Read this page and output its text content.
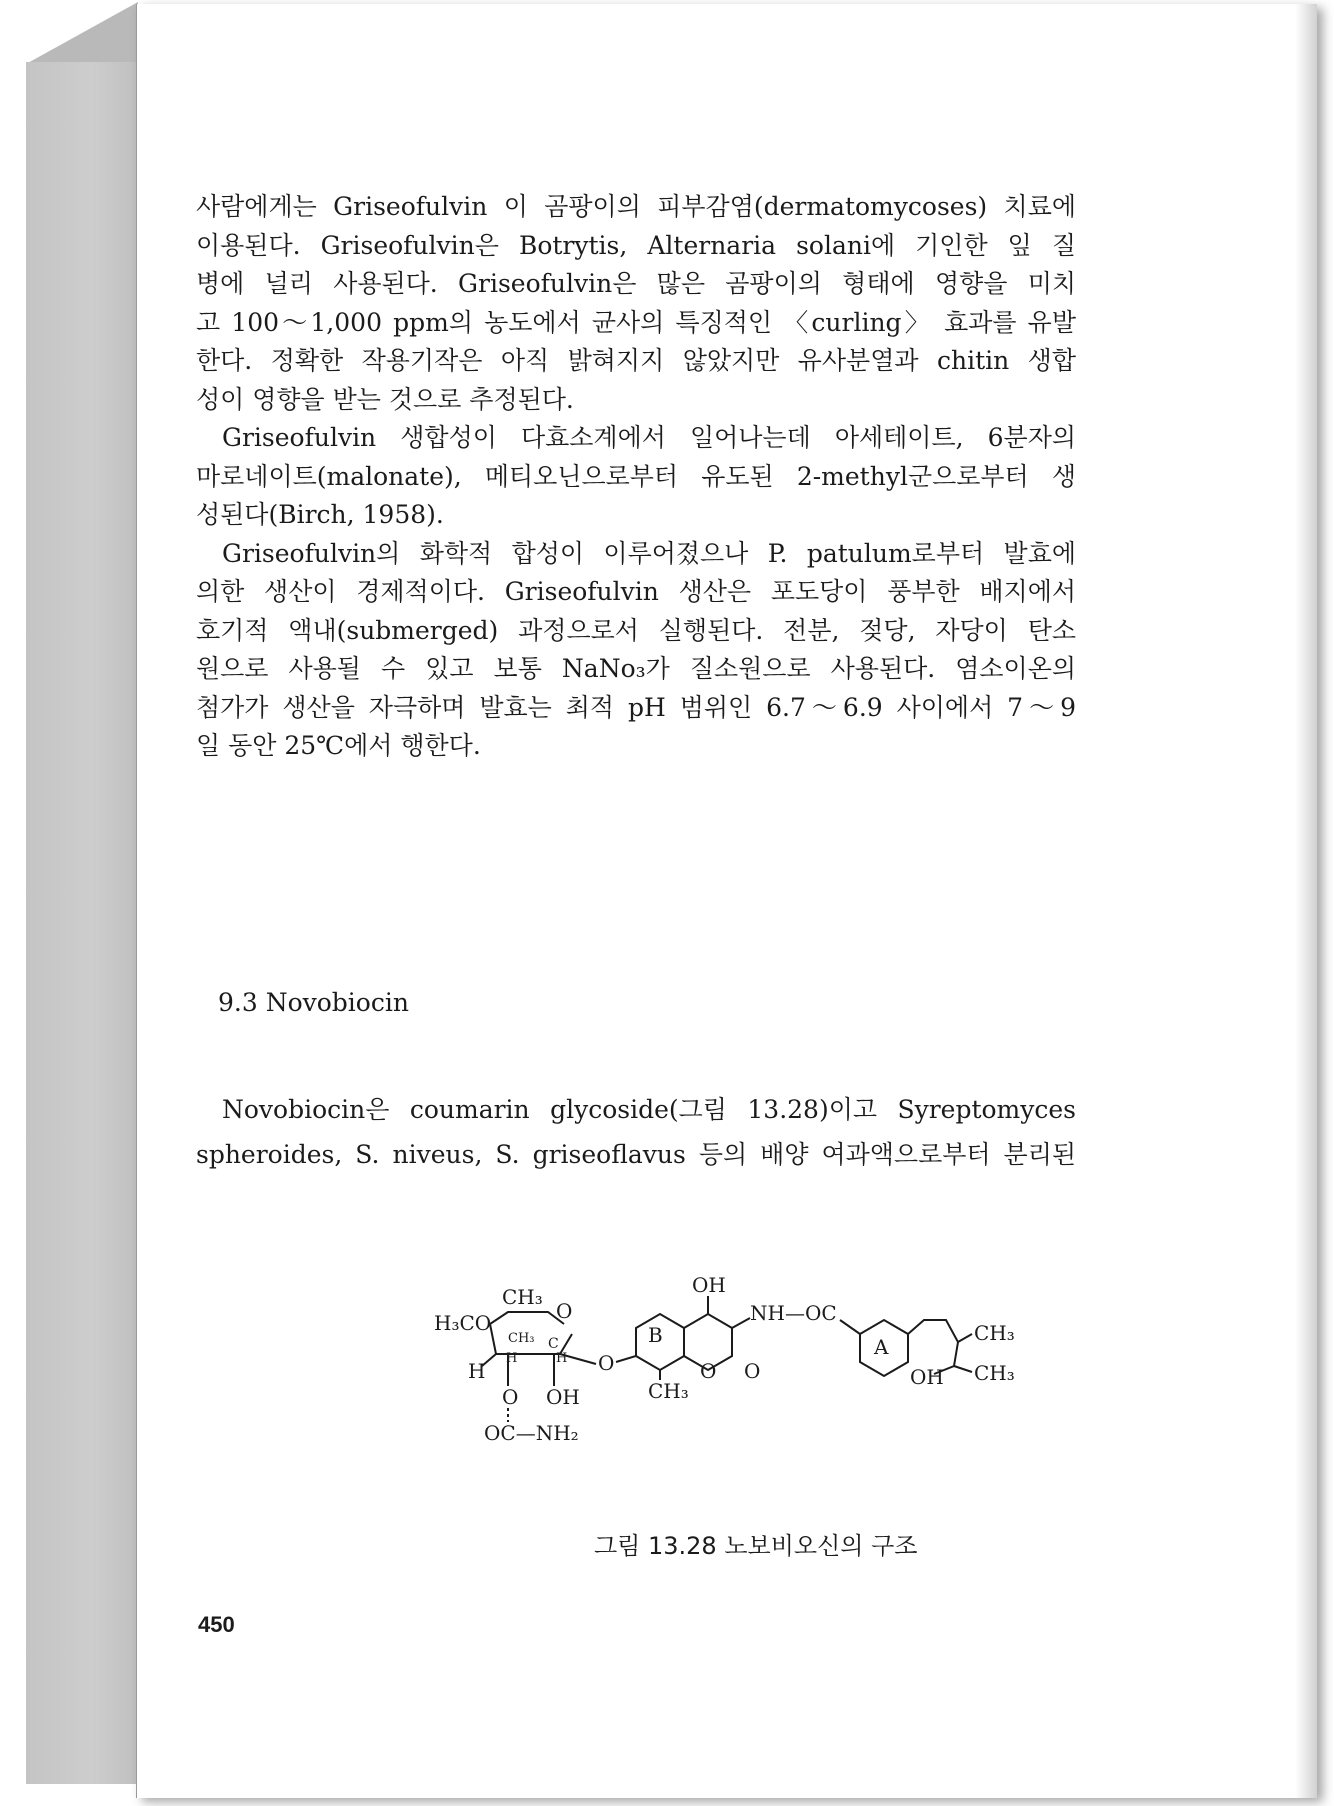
사람에게는 Griseofulvin 이 곰팡이의 피부감염(dermatomycoses) 치료에
이용된다. Griseofulvin은 Botrytis, Alternaria solani에 기인한 잎 질
병에 널리 사용된다. Griseofulvin은 많은 곰팡이의 형태에 영향을 미치
고 100～1,000 ppm의 농도에서 균사의 특징적인 〈curling〉 효과를 유발
한다. 정확한 작용기작은 아직 밝혀지지 않았지만 유사분열과 chitin 생합
성이 영향을 받는 것으로 추정된다.
Griseofulvin 생합성이 다효소계에서 일어나는데 아세테이트, 6분자의
마로네이트(malonate), 메티오닌으로부터 유도된 2-methyl군으로부터 생
성된다(Birch, 1958).
Griseofulvin의 화학적 합성이 이루어졌으나 P. patulum로부터 발효에
의한 생산이 경제적이다. Griseofulvin 생산은 포도당이 풍부한 배지에서
호기적 액내(submerged) 과정으로서 실행된다. 전분, 젖당, 자당이 탄소
원으로 사용될 수 있고 보통 NaNo₃가 질소원으로 사용된다. 염소이온의
첨가가 생산을 자극하며 발효는 최적 pH 범위인 6.7～6.9 사이에서 7～9
일 동안 25℃에서 행한다.
9.3 Novobiocin
Novobiocin은 coumarin glycoside(그림 13.28)이고 Syreptomyces
spheroides, S. niveus, S. griseoflavus 등의 배양 여과액으로부터 분리된
H₃CO
CH₃
O
CH₃ C
H	H
H	O
O OH
OC—NH₂
B
OH
NH—OC
CH₃
O O
A
OH
CH₃
CH₃
그림 13.28 노보비오신의 구조
450
